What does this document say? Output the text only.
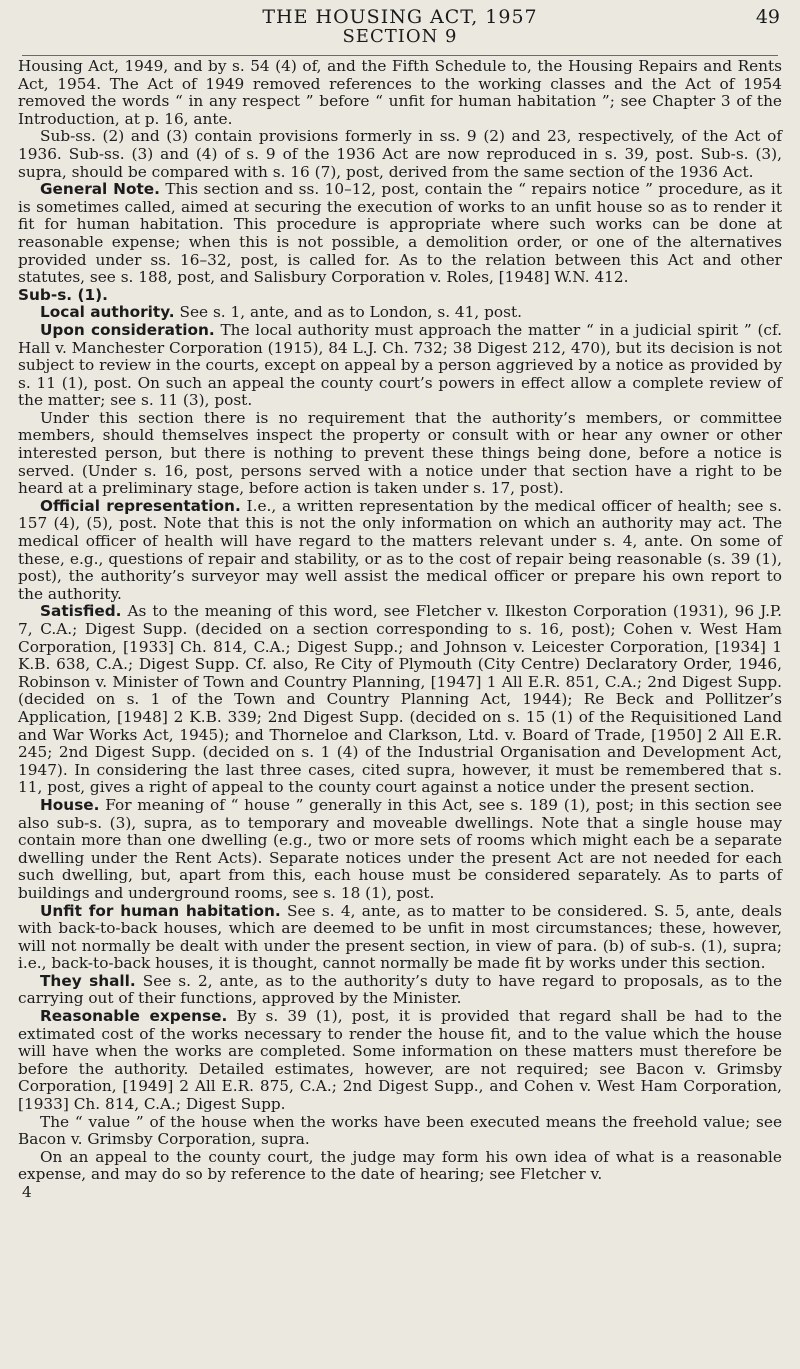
THE HOUSING ACT, 1957
SECTION 9
49

Housing Act, 1949, and by s. 54 (4) of, and the Fifth Schedule to, the Housing Repairs and Rents Act, 1954. The Act of 1949 removed references to the working classes and the Act of 1954 removed the words “ in any respect ” before “ unfit for human habitation ”; see Chapter 3 of the Introduction, at p. 16, ante.

Sub-ss. (2) and (3) contain provisions formerly in ss. 9 (2) and 23, respectively, of the Act of 1936. Sub-ss. (3) and (4) of s. 9 of the 1936 Act are now reproduced in s. 39, post. Sub-s. (3), supra, should be compared with s. 16 (7), post, derived from the same section of the 1936 Act.

General Note. This section and ss. 10–12, post, contain the “ repairs notice ” procedure, as it is sometimes called, aimed at securing the execution of works to an unfit house so as to render it fit for human habitation. This procedure is appropriate where such works can be done at reasonable expense; when this is not possible, a demolition order, or one of the alternatives provided under ss. 16–32, post, is called for. As to the relation between this Act and other statutes, see s. 188, post, and Salisbury Corporation v. Roles, [1948] W.N. 412.

Sub-s. (1).

Local authority. See s. 1, ante, and as to London, s. 41, post.

Upon consideration. The local authority must approach the matter “ in a judicial spirit ” (cf. Hall v. Manchester Corporation (1915), 84 L.J. Ch. 732; 38 Digest 212, 470), but its decision is not subject to review in the courts, except on appeal by a person aggrieved by a notice as provided by s. 11 (1), post. On such an appeal the county court’s powers in effect allow a complete review of the matter; see s. 11 (3), post.

Under this section there is no requirement that the authority’s members, or committee members, should themselves inspect the property or consult with or hear any owner or other interested person, but there is nothing to prevent these things being done, before a notice is served. (Under s. 16, post, persons served with a notice under that section have a right to be heard at a preliminary stage, before action is taken under s. 17, post).

Official representation. I.e., a written representation by the medical officer of health; see s. 157 (4), (5), post. Note that this is not the only information on which an authority may act. The medical officer of health will have regard to the matters relevant under s. 4, ante. On some of these, e.g., questions of repair and stability, or as to the cost of repair being reasonable (s. 39 (1), post), the authority’s surveyor may well assist the medical officer or prepare his own report to the authority.

Satisfied. As to the meaning of this word, see Fletcher v. Ilkeston Corporation (1931), 96 J.P. 7, C.A.; Digest Supp. (decided on a section corresponding to s. 16, post); Cohen v. West Ham Corporation, [1933] Ch. 814, C.A.; Digest Supp.; and Johnson v. Leicester Corporation, [1934] 1 K.B. 638, C.A.; Digest Supp. Cf. also, Re City of Plymouth (City Centre) Declaratory Order, 1946, Robinson v. Minister of Town and Country Planning, [1947] 1 All E.R. 851, C.A.; 2nd Digest Supp. (decided on s. 1 of the Town and Country Planning Act, 1944); Re Beck and Pollitzer’s Application, [1948] 2 K.B. 339; 2nd Digest Supp. (decided on s. 15 (1) of the Requisitioned Land and War Works Act, 1945); and Thorneloe and Clarkson, Ltd. v. Board of Trade, [1950] 2 All E.R. 245; 2nd Digest Supp. (decided on s. 1 (4) of the Industrial Organisation and Development Act, 1947). In considering the last three cases, cited supra, however, it must be remembered that s. 11, post, gives a right of appeal to the county court against a notice under the present section.

House. For meaning of “ house ” generally in this Act, see s. 189 (1), post; in this section see also sub-s. (3), supra, as to temporary and moveable dwellings. Note that a single house may contain more than one dwelling (e.g., two or more sets of rooms which might each be a separate dwelling under the Rent Acts). Separate notices under the present Act are not needed for each such dwelling, but, apart from this, each house must be considered separately. As to parts of buildings and underground rooms, see s. 18 (1), post.

Unfit for human habitation. See s. 4, ante, as to matter to be considered. S. 5, ante, deals with back-to-back houses, which are deemed to be unfit in most circumstances; these, however, will not normally be dealt with under the present section, in view of para. (b) of sub-s. (1), supra; i.e., back-to-back houses, it is thought, cannot normally be made fit by works under this section.

They shall. See s. 2, ante, as to the authority’s duty to have regard to proposals, as to the carrying out of their functions, approved by the Minister.

Reasonable expense. By s. 39 (1), post, it is provided that regard shall be had to the extimated cost of the works necessary to render the house fit, and to the value which the house will have when the works are completed. Some information on these matters must therefore be before the authority. Detailed estimates, however, are not required; see Bacon v. Grimsby Corporation, [1949] 2 All E.R. 875, C.A.; 2nd Digest Supp., and Cohen v. West Ham Corporation, [1933] Ch. 814, C.A.; Digest Supp.

The “ value ” of the house when the works have been executed means the freehold value; see Bacon v. Grimsby Corporation, supra.

On an appeal to the county court, the judge may form his own idea of what is a reasonable expense, and may do so by reference to the date of hearing; see Fletcher v.

4
